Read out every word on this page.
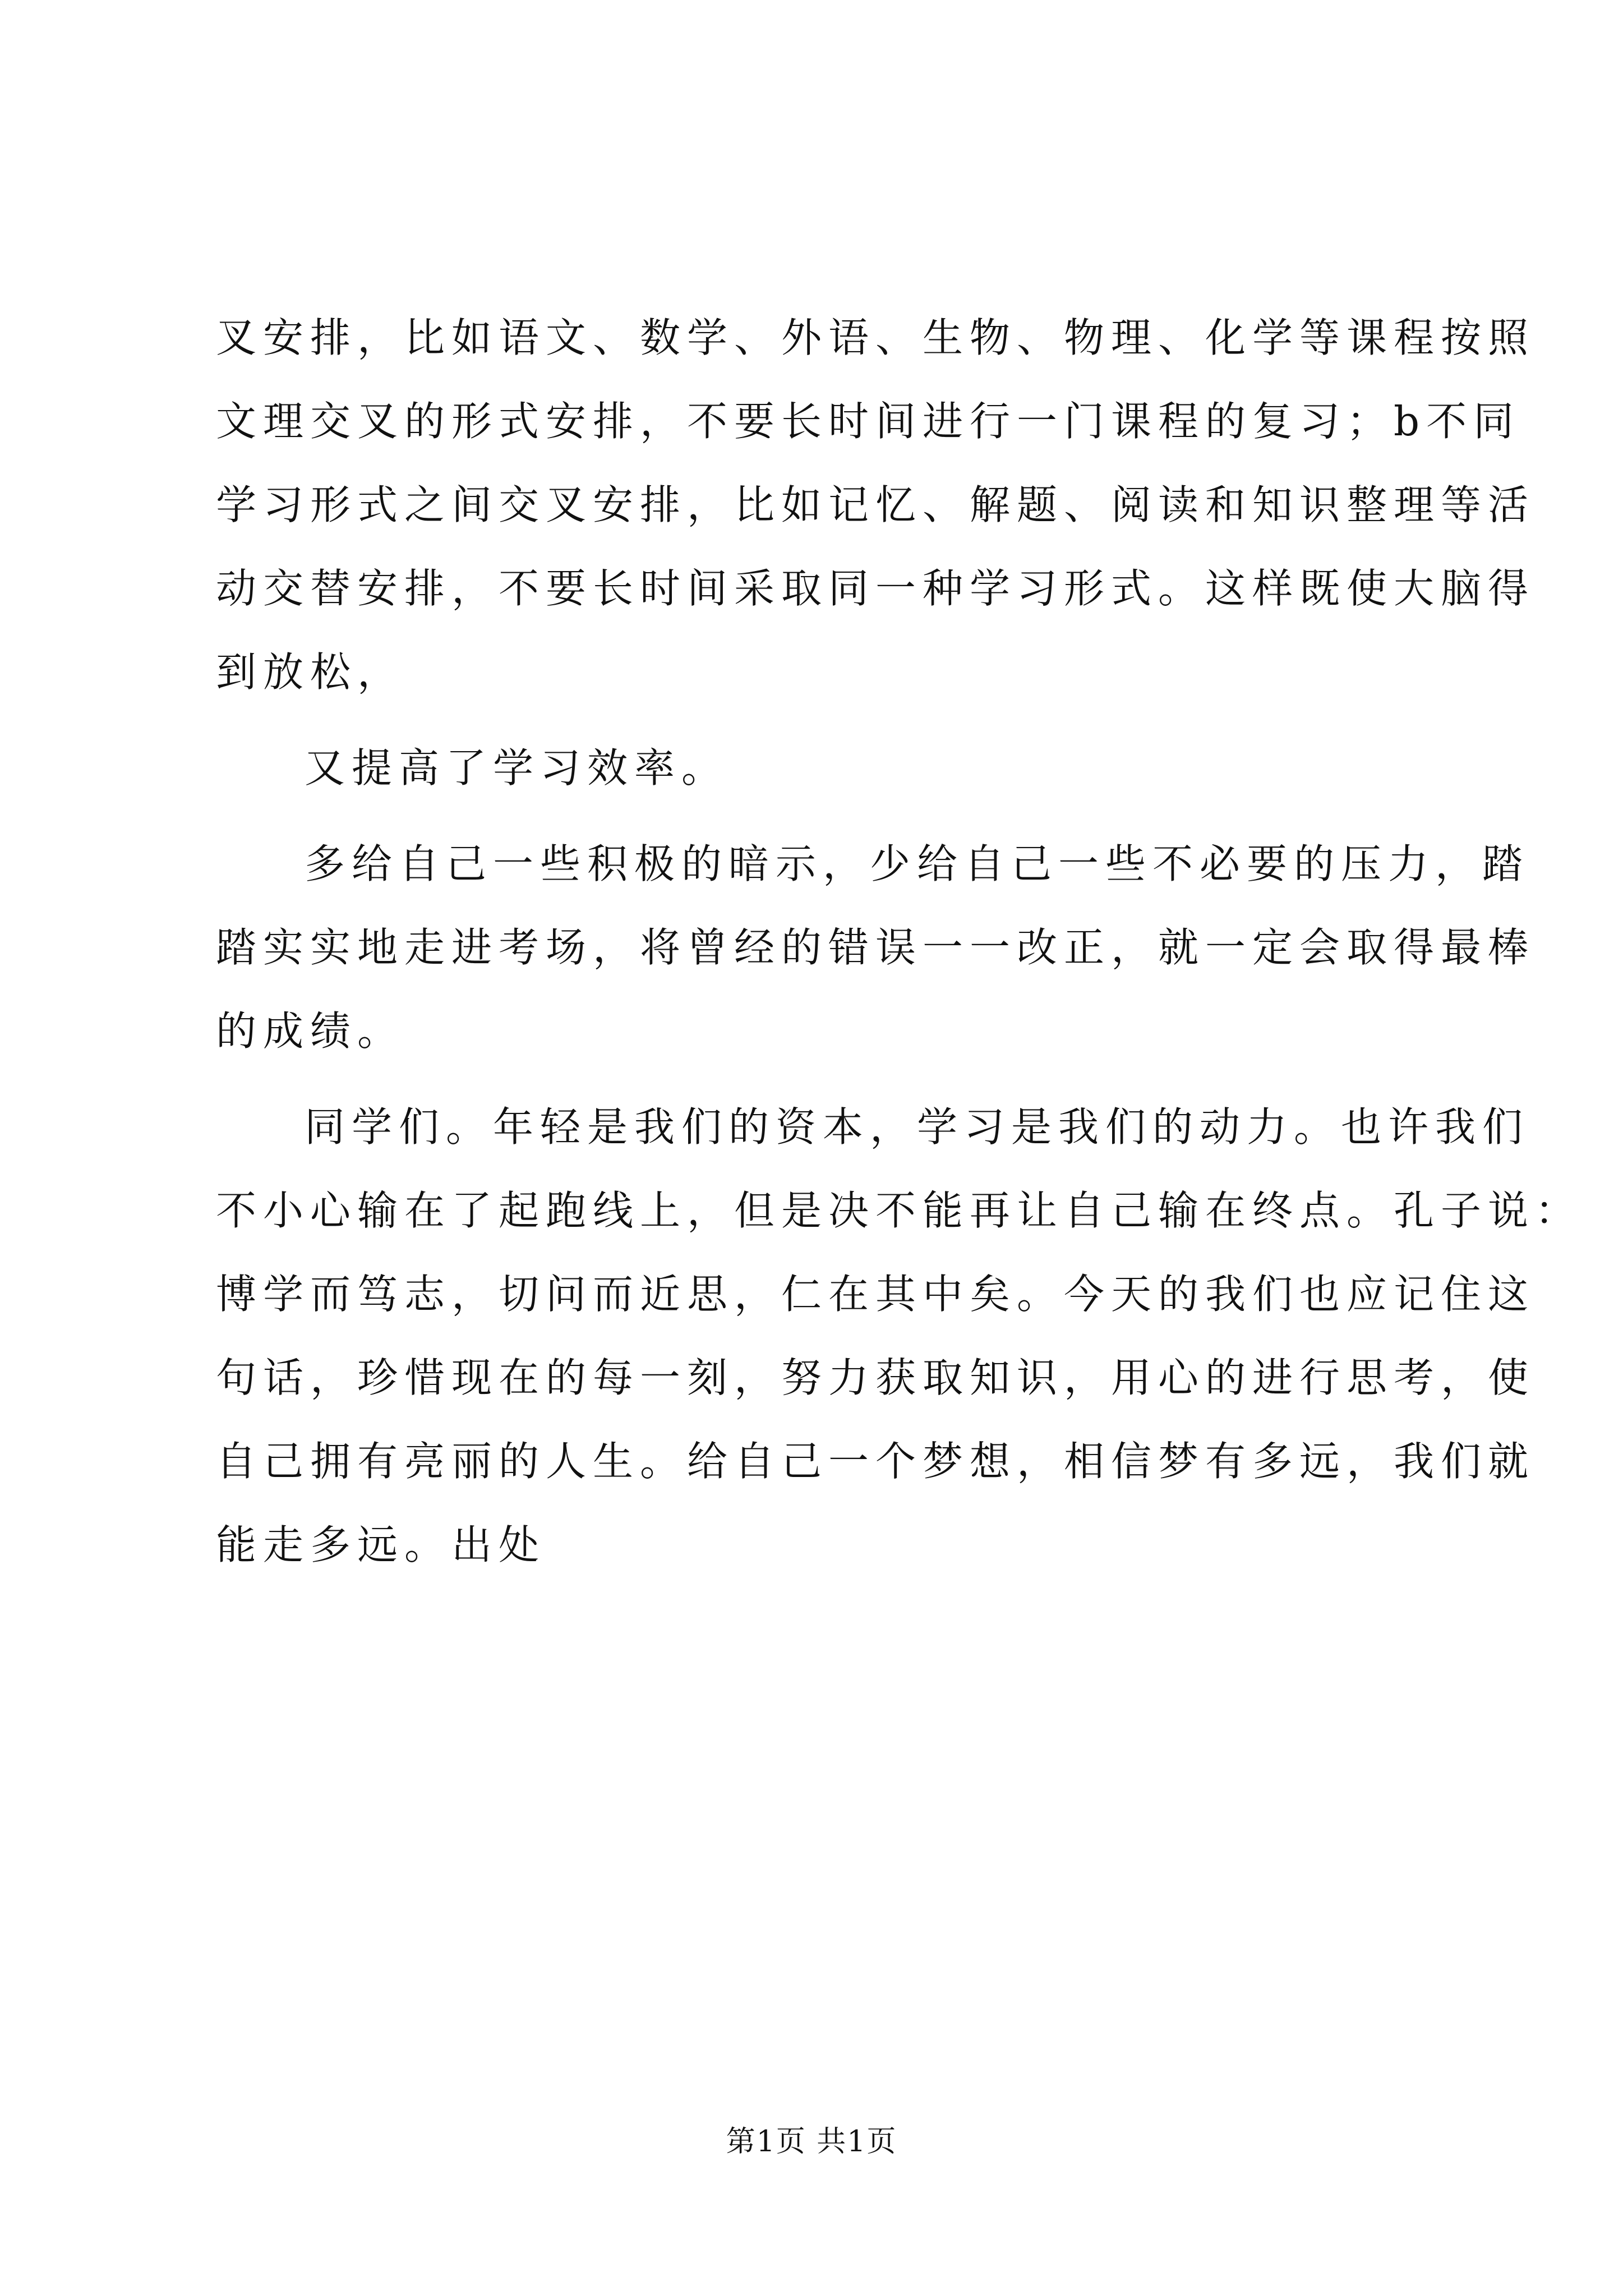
叉安排，比如语文、数学、外语、生物、物理、化学等课程按照
文理交叉的形式安排，不要长时间进行一门课程的复习；b不同
学习形式之间交叉安排，比如记忆、解题、阅读和知识整理等活
动交替安排，不要长时间采取同一种学习形式。这样既使大脑得
到放松，
又提高了学习效率。
多给自己一些积极的暗示，少给自己一些不必要的压力，踏
踏实实地走进考场，将曾经的错误一一改正，就一定会取得最棒
的成绩。
同学们。年轻是我们的资本，学习是我们的动力。也许我们
不小心输在了起跑线上，但是决不能再让自己输在终点。孔子说：
博学而笃志，切问而近思，仁在其中矣。今天的我们也应记住这
句话，珍惜现在的每一刻，努力获取知识，用心的进行思考，使
自己拥有亮丽的人生。给自己一个梦想，相信梦有多远，我们就
能走多远。出处
第1页 共1页
